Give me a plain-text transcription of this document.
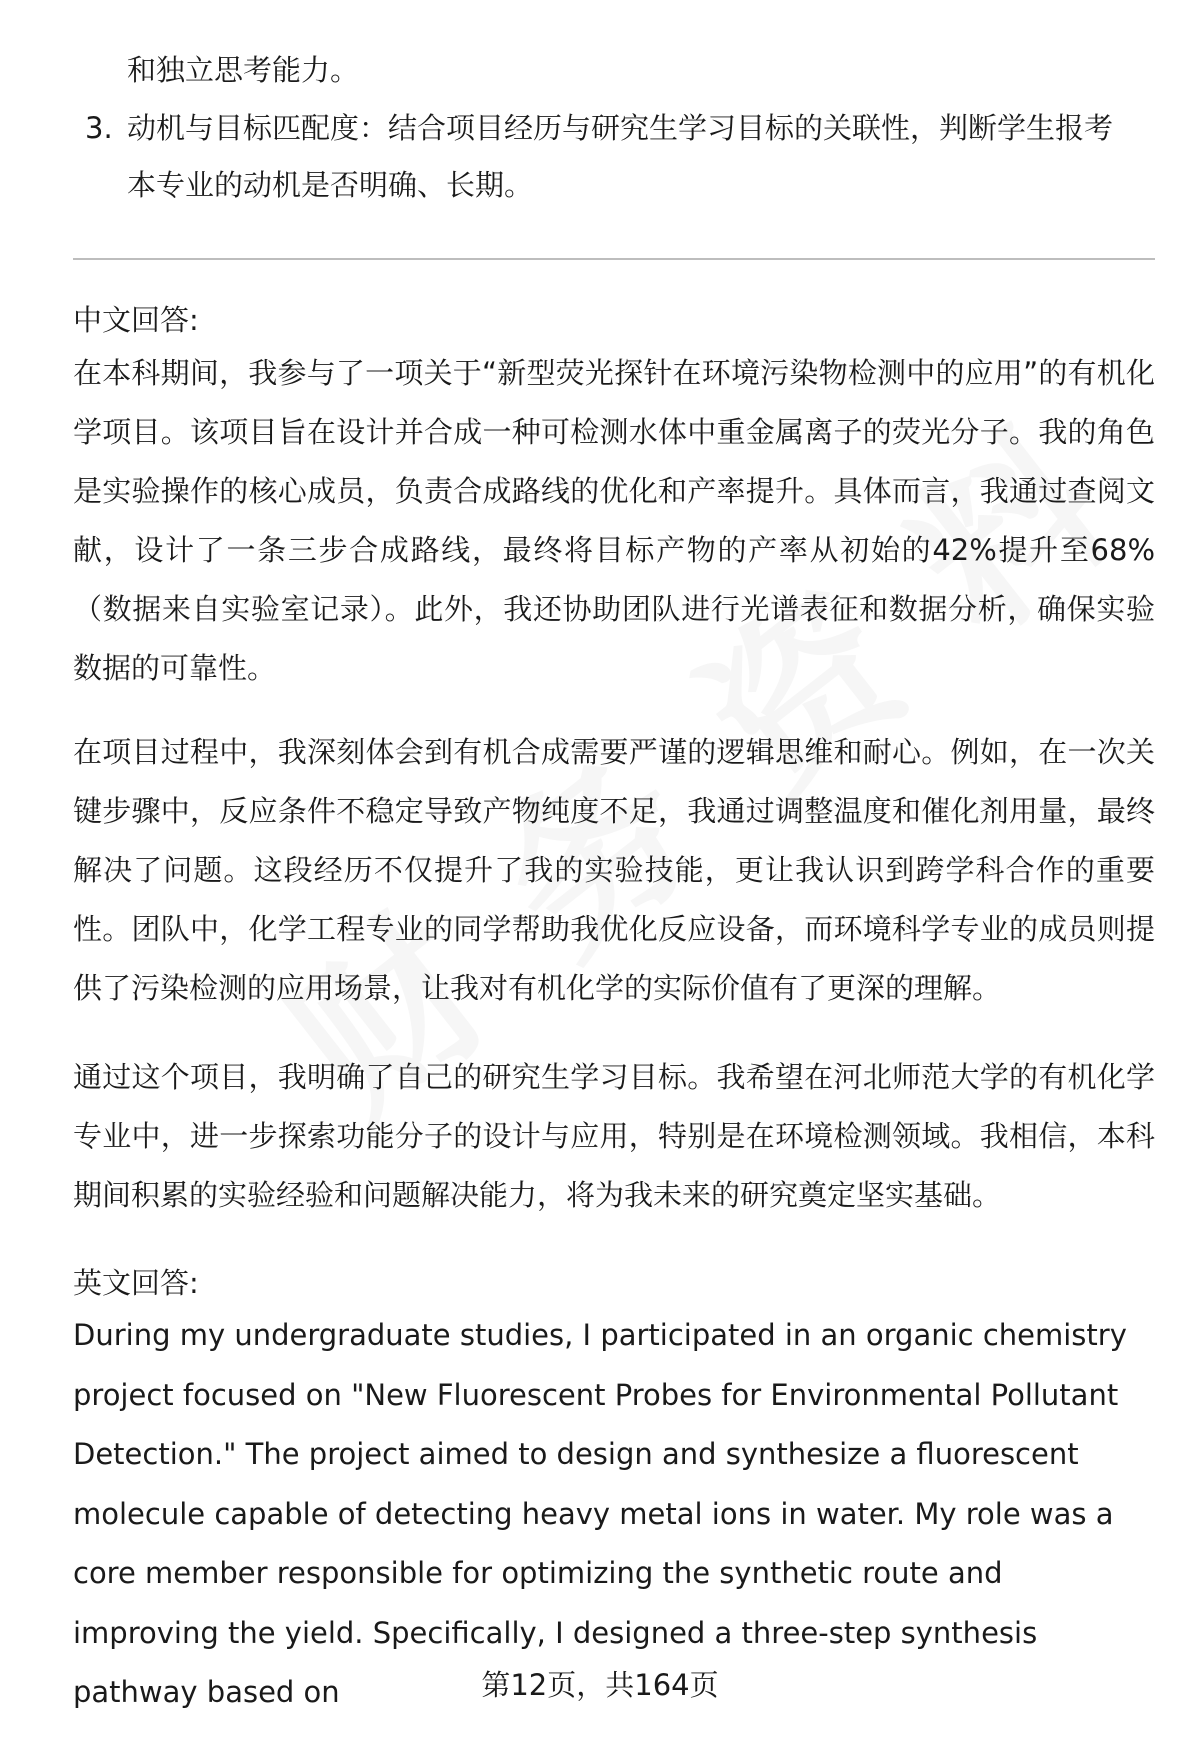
和独立思考能力。
3. 动机与目标匹配度：结合项目经历与研究生学习目标的关联性，判断学生报考
本专业的动机是否明确、长期。
中文回答:
在本科期间，我参与了一项关于“新型荧光探针在环境污染物检测中的应用”的有机化学项目。该项目旨在设计并合成一种可检测水体中重金属离子的荧光分子。我的角色是实验操作的核心成员，负责合成路线的优化和产率提升。具体而言，我通过查阅文献，设计了一条三步合成路线，最终将目标产物的产率从初始的42%提升至68%（数据来自实验室记录）。此外，我还协助团队进行光谱表征和数据分析，确保实验数据的可靠性。
在项目过程中，我深刻体会到有机合成需要严谨的逻辑思维和耐心。例如，在一次关键步骤中，反应条件不稳定导致产物纯度不足，我通过调整温度和催化剂用量，最终解决了问题。这段经历不仅提升了我的实验技能，更让我认识到跨学科合作的重要性。团队中，化学工程专业的同学帮助我优化反应设备，而环境科学专业的成员则提供了污染检测的应用场景，让我对有机化学的实际价值有了更深的理解。
通过这个项目，我明确了自己的研究生学习目标。我希望在河北师范大学的有机化学专业中，进一步探索功能分子的设计与应用，特别是在环境检测领域。我相信，本科期间积累的实验经验和问题解决能力，将为我未来的研究奠定坚实基础。
英文回答:
During my undergraduate studies, I participated in an organic chemistry project focused on "New Fluorescent Probes for Environmental Pollutant Detection." The project aimed to design and synthesize a fluorescent molecule capable of detecting heavy metal ions in water. My role was a core member responsible for optimizing the synthetic route and improving the yield. Specifically, I designed a three-step synthesis pathway based on	第12页，共164页
